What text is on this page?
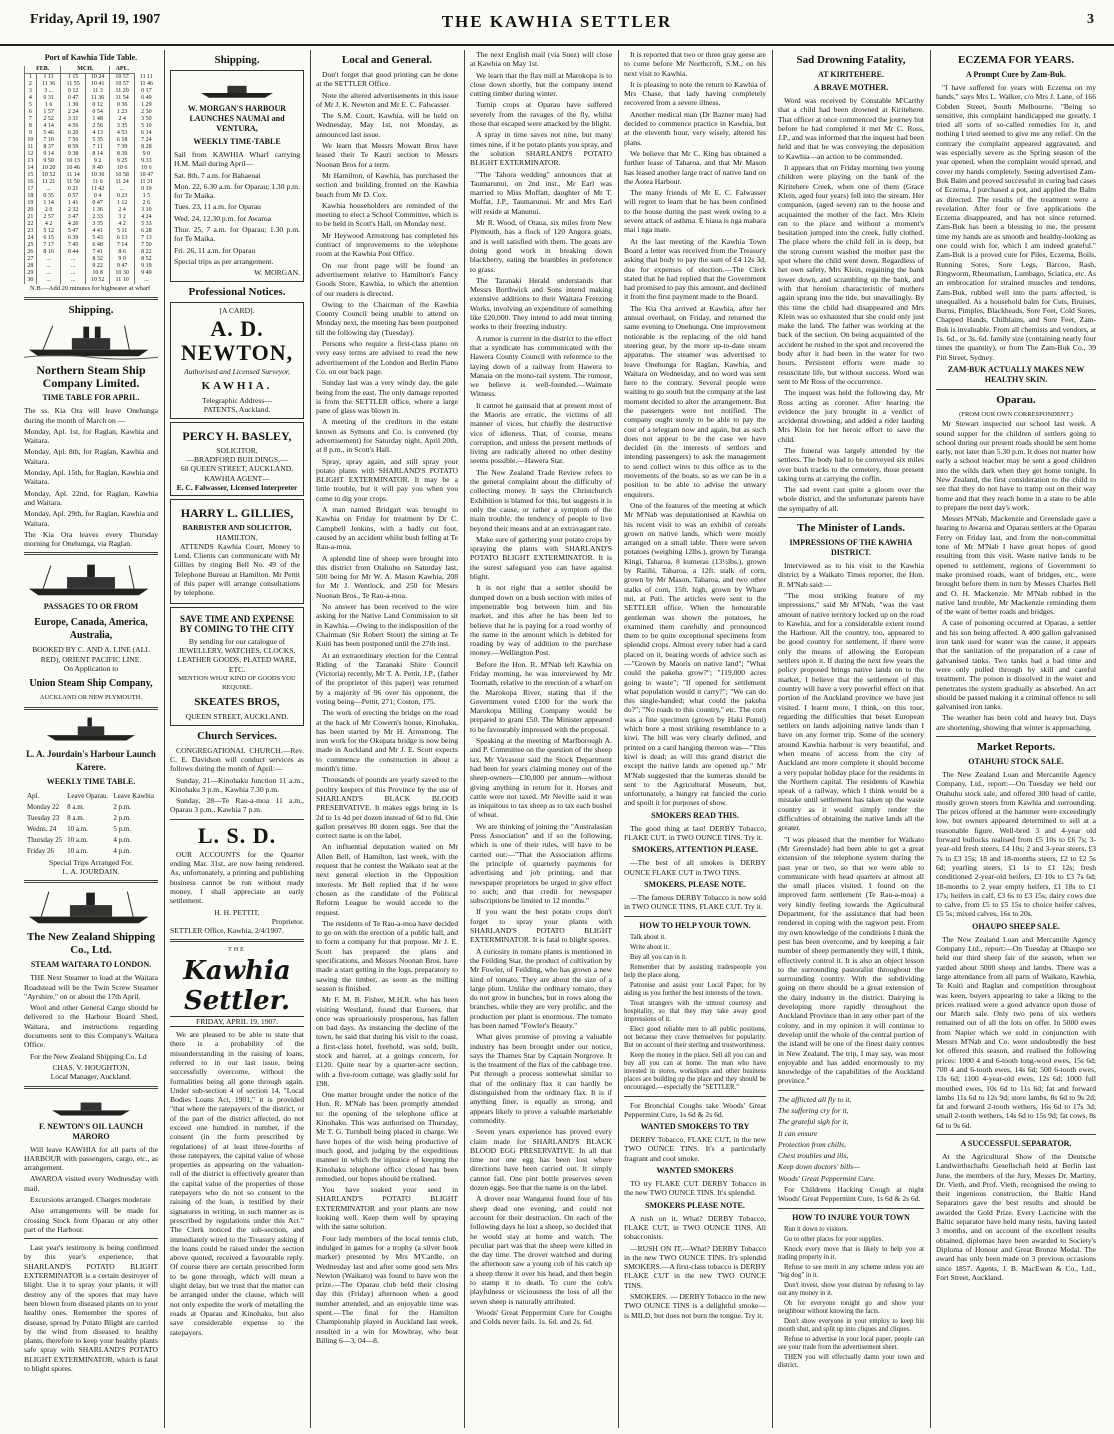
Friday, April 19, 1907	THE KAWHIA SETTLER	3
Port of Kawhia Tide Table.
FEB.		MCH.		APL.	
1	1 11	1 15	10 24	10 57	11 11
2	11 36	11 55	10 41	10 57	11 46
3	3 ...	0 12	11 3	11 20	0 17
4	0 31	0 47	11 36	11 54	0 49
5	1 6	1 30	0 12	0 36	1 29
6	1 57	2 24	0 54	1 23	2 30
7	2 52	3 31	1 48	2 4	3 50
8	4 14	4 56	2 56	3 35	5 10
9	5 46	6 20	4 13	4 53	6 14
10	7 10	7 56	5 35	6 18	7 24
11	8 37	8 59	7 11	7 39	8 28
12	9 14	9 38	8 14	8 39	9 0
13	9 50	10 13	9 2	9 25	9 33
14	10 20	10 46	9 40	10 6	10 6
15	10 52	11 14	10 30	10 58	10 47
16	11 21	11 50	11 6	11 24	11 31
17	...	0 21	11 42	...	0 19
18	0 35	0 57	0 4	0 23	1 5
19	1 14	1 41	0 47	1 12	2 6
20	2 0	2 32	1 36	2 4	3 10
21	2 57	3 47	2 33	3 2	4 24
22	4 2	4 20	3 35	4 2	5 33
23	5 12	5 47	4 41	5 11	6 28
24	6 15	6 39	5 43	6 13	7 13
25	7 17	7 45	6 48	7 14	7 50
26	8 16	8 44	7 41	8 6	8 22
27	...	...	8 32	9 0	8 52
28	...	...	9 22	9 47	9 19
29	...	...	10 8	10 30	9 49
30	...	...	10 52	11 10	...

N.B.—Add 20 minutes for highwater at wharf

Shipping.
Northern Steam Ship Company Limited.
TIME TABLE FOR APRIL.

The ss. Kia Ora will leave Onehunga during the month of March on —

Monday, Apl. 1st, for Raglan, Kawhia and Waitara.

Monday, Apl. 8th, for Raglan, Kawhia and Waitara.

Monday, Apl. 15th, for Raglan, Kawhia and Waitara.

Monday, Apl. 22nd, for Raglan, Kawhia and Waitara.

Monday, Apl. 29th, for Raglan, Kawhia and Waitara.

The Kia Ora leaves every Thursday morning for Onehunga, via Raglan.

PASSAGES TO OR FROM
Europe, Canada, America, Australia,
BOOKED BY C. AND A. LINE (ALL RED), ORIENT PACIFIC LINE.
On Application to
Union Steam Ship Company,
AUCKLAND OR NEW PLYMOUTH.
L. A. Jourdain's Harbour Launch Karere.
WEEKLY TIME TABLE.
Apl.	Leave Oparau.	Leave Kawhia
Monday 22	8 a.m.	2 p.m.
Tuesday 23	8 a.m.	2 p.m.
Wedns. 24	10 a.m.	5 p.m.
Thursday 25	10 a.m.	4 p.m.
Friday 26	10 a.m.	4 p.m.
Special Trips Arranged For.
L. A. JOURDAIN.
The New Zealand Shipping Co., Ltd.
STEAM WAITARA TO LONDON.

THE Next Steamer to load at the Waitara Roadstead will be the Twin Screw Steamer "Ayrshire," on or about the 17th April.

Wool and other General Cargo should be delivered to the Harbour Board Shed, Waitara, and instructions regarding documents sent to this Company's Waitara Office.

For the New Zealand Shipping Co. Ld

CHAS. V. HOUGHTON,
Local Manager, Auckland.
F. NEWTON'S OIL LAUNCH MARORO

Will leave KAWHIA for all parts of the HARBOUR with passengers, cargo, etc., as arrangement.

AWAROA visited every Wednesday with mail.

Excursions arranged. Charges moderate

Also arrangements will be made for crossing Stock from Oparau or any other part of the Harbour.

Last year's testimony is being confirmed by this year's experience, that SHARLAND'S POTATO BLIGHT EXTERMINATOR is a certain destroyer of blight. Use it to spray your plants, it will destroy any of the spores that may have been blown from diseased plants on to your healthy ones. Remember the spores of disease, spread by Potato Blight are carried by the wind from diseased to healthy plants, therefore to keep your healthy plants safe spray with SHARLAND'S POTATO BLIGHT EXTERMINATOR, which is fatal to blight spores.

Shipping.
W. MORGAN'S HARBOUR LAUNCHES NAUMAI and VENTURA,
WEEKLY TIME-TABLE

Sail from KAWHIA Wharf carrying H.M. Mail during April—

Sat. 8th, 7 a.m. for Bahaeuai

Mon. 22, 6.30 a.m. for Oparau; 1.30 p.m. for Te Maika.

Tues. 23, 11 a.m. for Oparau

Wed. 24, 12.30 p.m. for Awaroa

Thur. 25, 7 a.m. for Oparau; 1.30 p.m. for Te Maika.

Fri. 26, 11 a.m. for Oparau

Special trips as per arrangement.

W. MORGAN.
Professional Notices.
[A CARD].
A. D. NEWTON,
Authorised and Licensed Surveyor,
KAWHIA.
Telegraphic Address—
PATENTS, Auckland.
PERCY H. BASLEY,
SOLICITOR,
—BRADFORD BUILDINGS,—
68 QUEEN STREET, AUCKLAND.
KAWHIA AGENT—
E. C. Falwasser, Licensed Interpreter
HARRY L. GILLIES,
BARRISTER AND SOLICITOR,
HAMILTON,

ATTENDS Kawhia Court, Money to Lend. Clients can communicate with Mr Gillies by ringing Bell No. 49 of the Telephone Bureau at Hamilton. Mr Pettit of this paper will arrange consultations by telephone.

SAVE TIME AND EXPENSE BY COMING TO THE CITY
By sending for our catalogue of JEWELLERY, WATCHES, CLOCKS, LEATHER GOODS, PLATED WARE, ETC.
MENTION WHAT KIND OF GOODS YOU REQUIRE.
SKEATES BROS,
QUEEN STREET, AUCKLAND.
Church Services.

CONGREGATIONAL CHURCH.—Rev. C. E. Davidson will conduct services as follows during the month of April:—

Sunday, 21—Kinohaku Junction 11 a.m., Kinohaku 3 p.m., Kawhia 7.30 p.m.

Sunday, 28—Te Rau-a-moa 11 a.m., Oparau 3 p.m., Kawhia 7 p.m.

L. S. D.

OUR ACCOUNTS for the Quarter ending Mar. 31st, are now being rendered. As, unfortunately, a printing and publishing business cannot be run without ready money, I shall appreciate an early settlement.

H. H. PETTIT,
Proprietor.
SETTLER Office, Kawhia, 2/4/1907.
THE
Kawhia Settler.
FRIDAY, APRIL 19, 1907.

We are pleased to be able to state that there is a probability of the misunderstanding in the raising of loans, referred to in our last issue, being successfully overcome, without the formalities being all gone through again. Under sub-section 4 of section 14, "Local Bodies Loans Act, 1901," it is provided "that where the ratepayers of the district, or of the part of the district affected, do not exceed one hundred in number, if the consent (in the form prescribed by regulations) of at least three-fourths of those ratepayers, the capital value of whose properties as appearing on the valuation-roll of the district is effectively greater than the capital value of the properties of those ratepayers who do not so consent to the raising of the loan, is testified by their signatures in writing, in such manner as is prescribed by regulations under this Act." The Clerk noticed the sub-section, and immediately wired to the Treasury asking if the loans could be raised under the section above quoted, received a favourable reply. Of course there are certain prescribed form to be gone through, which will mean a slight delay, but we trust that the matter can be arranged under the clause, which will not only expedite the work of metalling the roads at Oparau and Kinohaku, but also save considerable expense to the ratepayers.

Local and General.

Don't forget that good printing can be done at the SETTLER Office.

Note the altered advertisements in this issue of Mr J. K. Newton and Mr E. C. Falwasser.

The S.M. Court, Kawhia, will be held on Wednesday, May 1st, not Monday, as announced last issue.

We learn that Messrs Mowatt Bros have leased their Te Kauri section to Messrs Noonan Bros for a term.

Mr Hamilton, of Kawhia, has purchased the section and building fronted on the Kawhia beach from Mr D. Cox.

Kawhia householders are reminded of the meeting to elect a School Committee, which is to be held in Scott's Hall, on Monday next.

Mr Heywood Armstrong has completed his contract of improvements to the telephone room at the Kawhia Post Office.

On our front page will be found an advertisement relative to Hamilton's Fancy Goods Store, Kawhia, to which the attention of our readers is directed.

Owing to the Chairman of the Kawhia County Council being unable to attend on Monday next, the meeting has been postponed till the following day (Tuesday).

Persons who require a first-class piano on very easy terms are advised to read the new advertisement of the London and Berlin Piano Co. on our back page.

Sunday last was a very windy day, the gale being from the east. The only damage reported is from the SETTLER office, where a large pane of glass was blown in.

A meeting of the creditors in the estate known as Symons and Co. is convened (by advertisement) for Saturday night, April 20th, at 8 p.m., in Scott's Hall.

Spray, spray again, and still spray your potato plants with SHARLAND'S POTATO BLIGHT EXTERMINATOR. It may be a little trouble, but it will pay you when you come to dig your crops.

A man named Bridgart was brought to Kawhia on Friday for treatment by Dr C. Campbell Jenkins, with a badly cut foot, caused by an accident whilst bush felling at Te Rau-a-moa.

A splendid line of sheep were brought into this district from Otahuhu on Saturday last, 500 being for Mr W. A. Mason Kawhia, 208 for Mr J. Wentlock, and 250 for Messrs Noonan Bros., Te Rau-a-moa.

No answer has been received to the wire asking for the Native Land Commission to sit in Kawhia.—Owing to the indisposition of the Chairman (Sir Robert Stout) the sitting at Te Kuiti has been postponed until the 27th inst.

At an extraordinary election for the Central Riding of the Taranaki Shire Council (Victoria) recently, Mr T. A. Pettit, J.P., (father of the proprietor of this paper) was returned by a majority of 96 over his opponent, the voting being—Pettit, 271; Coston, 175.

The work of erecting the bridge on the road at the back of Mr Cowern's house, Kinohaku, has been started by Mr H. Armstrong. The iron work for the Okupata bridge is now being made in Auckland and Mr J. E. Scott expects to commence the construction in about a month's time.

Thousands of pounds are yearly saved to the poultry keepers of this Province by the use of SHARLAND'S BLACK BLOOD PRESERVATIVE. It makes eggs bring in 1s 2d to 1s 4d per dozen instead of 6d to 8d. One gallon preserves 80 dozen eggs. See that the correct name is on the label.

An influential deputation waited on Mr Allen Bell, of Hamilton, last week, with the request that he contest the Waikato seat at the next general election in the Opposition interests. Mr Bell replied that if he were chosen as the candidate of the Political Reform League he would accede to the request.

The residents of Te Rau-a-moa have decided to go on with the erection of a public hall, and to form a company for that purpose. Mr J. E. Scott has prepared the plans and specifications, and Messrs Noonan Bros. have made a start getting in the logs, preparatory to sawing the timber, as soon as the milling season is finished.

Mr F. M. B. Fisher, M.H.R. who has been visiting Westland, found that Euroers, that once was uproariously prosperous, has fallen on bad days. As instancing the decline of the town, he said that during his visit to the coast, a first-class hotel, freehold, was sold, built, stock and barrel, at a goings concern, for £120. Quite near by a quarter-acre section, with a five-room cottage, was gladly sold for £98.

One matter brought under the notice of the Hon. R. M'Nab has been promptly attended to: the opening of the telephone office at Kinohaku. This was authorised on Thursday, Mr T. G. Turnbull being placed in charge. We have hopes of the wish being productive of much good, and judging by the expeditious manner in which the injustice of keeping the Kinohaku telephone office closed has been remedied, our hopes should be realised.

You have soaked your seed in SHARLAND'S POTATO BLIGHT EXTERMINATOR and your plants are now looking well. Keep them well by spraying with the same solution.

Four lady members of the local tennis club, indulged in games for a trophy (a silver book marker) presented by Mrs M'Cardle, on Wednesday last and after some good sets Mrs Newton (Waikato) was found to have won the prize.—The Oparau club held their closing day this (Friday) afternoon when a good number attended, and an enjoyable time was spent.—The final for the Hamilton Championship played in Auckland last week, resulted in a win for Mowbray, who beat Billing 6—3, 04—8.

The next English mail (via Suez) will close at Kawhia on May 1st.

We learn that the flax mill at Marokopa is to close down shortly, but the company intend cutting timber during winter.

Turnip crops at Oparau have suffered severely from the ravages of the fly, whilst those that escaped were attacked by the blight.

A spray in time saves not nine, but many times nine, if it be potato plants you spray, and the solution SHARLAND'S POTATO BLIGHT EXTERMINATOR.

"The Tahora wedding" announces that at Taumarunui, on 2nd inst., Mr Earl was married to Miss Moffatt, daughter of Mr T. Moffat, J.P., Taumarunui. Mr and Mrs Earl will reside at Manunui.

Mr R. Wood, of Otaua, six miles from New Plymouth, has a flock of 120 Angora goats, and is well satisfied with them. The goats are doing good work in breaking down blackberry, eating the brambles in preference to grass.

The Taranaki Herald understands that Messrs Borthwick and Sons intend making extensive additions to their Waitara Freezing Works, involving an expenditure of something like £20,000. They intend to add meat tinning works to their freezing industry.

A rumor is current in the district to the effect that a syndicate has communicated with the Hawera County Council with reference to the laying down of a railway from Hawera to Manaia on the mono-rail system. The rumour, we believe is well-founded.—Waimate Witness.

It cannot be gainsaid that at present most of the Maoris are erratic, the victims of all manner of vices, but chiefly the destructive vice of idleness. That, of course, means corruption, and unless the present methods of living are radically altered no other destiny seems possible.—Hawera Star.

The New Zealand Trade Review refers to the general complaint about the difficulty of collecting money. It says the Christchurch Exhibition is blamed for this, but suggests it is only the cause, or rather a symptom of the main trouble, the tendency of people to live beyond their means and at an extravagant rate.

Make sure of gathering your potato crops by spraying the plants with SHARLAND'S POTATO BLIGHT EXTERMINATOR. It is the surest safeguard you can have against blight.

It is not right that a settler should be dumped down on a bush section with miles of impenetrable bog between him and his market, and this after he has been led to believe that he is paying for a road worthy of the name in the amount which is debited for roading by way of addition to the purchase money.—Wellington Post.

Before the Hon. R. M'Nab left Kawhia on Friday morning, he was interviewed by Mr Toomath, relative to the erection of a wharf on the Marokopa River, stating that if the Government voted £100 for the work the Marokopa Milling Company would be prepared to grant £50. The Minister appeared to be favourably impressed with the proposal.

Speaking at the meeting of Marlborough A. and P. Committee on the question of the sheep tax, Mr Vavasour said the Stock Department had been for years claiming money out of the sheep-owners—£30,000 per annum—without giving anything in return for it. Horses and cattle were not taxed. Mr Neville said it was as iniquitous to tax sheep as to tax each bushel of wheat.

We are thinking of joining the "Australasian Press Association" and if so the following, which is one of their rules, will have to be carried out:—"That the Association affirms the principle of quarterly payments for advertising and job printing, and that newspaper proprietors be urged to give effect to such; and that credit for newspaper subscriptions be limited to 12 months."

If you want the best potato crops don't forget to spray your plants with SHARLAND'S POTATO BLIGHT EXTERMINATOR. It is fatal to blight spores.

A curiosity in tomato plants is mentioned in the Feilding Star, the product of cultivation by Mr Fowler, of Feilding, who has grown a new kind of tomato. They are about the size of a large plum. Unlike the ordinary tomato, they do not grow in bunches, but in rows along the branches, while they are very prolific, and the production per plant is enormous. The tomato has been named "Fowler's Beauty."

What gives promise of proving a valuable industry has been brought under our notice, says the Thames Star by Captain Norgrove. It is the treatment of the flax of the cabbage tree. Put through a process somewhat similar to that of the ordinary flax it can hardly be distinguished from the ordinary flax. It is if anything finer, is equally as strong, and appears likely to prove a valuable marketable commodity.

Seven years experience has proved every claim made for SHARLAND'S BLACK BLOOD EGG PRESERVATIVE. In all that time not one egg has been lost where directions have been carried out. It simply cannot fail. One pint bottle preserves seven dozen eggs. See that the name is on the label.

A drover near Wanganui found four of his sheep dead one evening, and could not account for their destruction. On each of the following days he lost a sheep, so decided that he would stay at home and watch. The peculiar part was that the sheep were killed in the day time. The drover watched and during the afternoon saw a young cob of his catch up a sheep throw it over his head, and then begin to stamp it to death. To cure the cob's playfulness or viciousness the loss of all the seven sheep is naturally attributed.

Woods' Great Peppermint Cure for Coughs and Colds never fails. 1s. 6d. and 2s. 6d.

It is reported that two or three gray geese are to come before Mr Northcroft, S.M., on his next visit to Kawhia.

It is pleasing to note the return to Kawhia of Mrs Chase, that lady having completely recovered from a severe illness.

Another medical man (Dr Bazner man) had decided to commence practice in Kawhia, but at the eleventh hour, very wisely, altered his plans.

We believe that Mr C. King has obtained a further lease of Taharoa, and that Mr Mason has leased another large tract of native land on the Aotea Harbour.

The many friends of Mr E. C. Falwasser will regret to learn that he has been confined to the house during the past week owing to a severe attack of asthma. E hiaua is nga mahara mai i nga mate.

At the last meeting of the Kawhia Town Board a letter was received from the Treasury asking that body to pay the sum of £4 12s 3d, due for expenses of election.—The Clerk stated that he had replied that the Government had promised to pay this amount, and declined it from the first payment made to the Board.

The Kia Ora arrived at Kawhia, after her annual overhaul, on Friday, and returned the same evening to Onehunga. One improvement noticeable is the replacing of the old hand steering gear, by the more up-to-date steam apparatus. The steamer was advertised to leave Onehunga for Raglan, Kawhia, and Waitara on Wednesday, and no word was sent here to the contrary. Several people were waiting to go south but the company at the last moment decided to alter the arrangement. But the passengers were not notified. The company ought surely to be able to pay the cost of a telegram now and again, but as such does not appear to be the case we have decided (in the interests of settlors and intending passengers) to ask the management to send collect wires to this office as to the movements of the boats, so as we can be in a position to be able to advise the unwary enquirers.

One of the features of the meeting at which Mr M'Nab was deputationised at Kawhia on his recent visit to was an exhibit of cereals grown on native lands, which were mostly arranged on a small table. There were seven potatoes (weighing 12lbs.), grown by Turanga Kingi, Taharoa, 8 kumeras (13½lbs.), grown by Raiihi, Taharoa, a 12ft. stalk of corn, grown by Mr Mason, Taharoa, and two other stalks of corn, 15ft. high, grown by Whare nui, at Puti. The articles were sent to the SETTLER office. When the honourable gentleman was shown the potatoes, he examined them carefully and pronounced them to be quite exceptional specimens from splendid crops. Almost every tuber had a card placed on it, bearing words of advice such as—"Grown by Maoris on native land"; "What could the pakeha grow?"; "119,000 acres going to waste"; "If opened for settlement what population would it carry?"; "We can do this single-handed; what could the pakeha do?"; "No roads to this country," etc. The corn was a fine specimen (grown by Haki Ponui) which bore a most striking resemblance to a kiwi. The bill was very clearly defined, and printed on a card hanging thereon was—"This kiwi is dead; as will this grand district die except the native lands are opened up." Mr M'Nab suggested that the kumeras should be sent to the Agricultural Museum, but, unfortunately, a hungry rat fancied the curio and spoilt it for purposes of show.

SMOKERS READ THIS.

The good thing at last! DERBY Tobacco, FLAKE CUT, in TWO OUNCE TINS. Try it.

SMOKERS, ATTENTION PLEASE.

—The best of all smokes is DERBY OUNCE FLAKE CUT in TWO TINS.

SMOKERS, PLEASE NOTE.

—The famous DERBY Tobacco is now sold in TWO OUNCE TINS, FLAKE CUT. Try it.

HOW TO HELP YOUR TOWN.

Talk about it.

Write about it.

Buy all you can in it.

Remember that by assisting tradespeople you help the place along.

Patronise and assist your Local Paper, for by aiding us you further the best interests of the town.

Treat strangers with the utmost courtesy and hospitality, so that they may take away good impressions of it.

Elect good reliable men to all public positions, not because they crave themselves for popularity. But on account of their sterling and trustworthiness.

Keep the money in the place. Sell all you can and buy all you can at home. The man who have invested in stores, workshops and other business places are building up the place and they should be encouraged.—especially the "SETTLER."

For Bronchial Coughs take Woods' Great Peppermint Cure, 1s 6d & 2s 6d.

WANTED SMOKERS TO TRY

DERBY Tobacco, FLAKE CUT, in the new TWO OUNCE TINS. It's a particularly fragrant and cool smoke.

WANTED SMOKERS

TO try FLAKE CUT DERBY Tobacco in the new TWO OUNCE TINS. It's splendid.

SMOKERS PLEASE NOTE.

A rush on it. What? DERBY Tobacco, FLAKE CUT, in TWO OUNCE TINS. All tobacconists.

—RUSH ON IT.—What? DERBY Tobacco in the new TWO OUNCE TINS. It's splendid SMOKERS.—A first-class tobacco is DERBY FLAKE CUT in the new TWO OUNCE TINS.

SMOKERS. — DERBY Tobacco in the new TWO OUNCE TINS is a delightful smoke—is MILD, but does not burn the tongue. Try it.

Sad Drowning Fatality,
AT KIRITEHERE.
A BRAVE MOTHER.

Word was received by Constable M'Carthy that a child had been drowned at Kiritehere. That officer at once commenced the journey but before he had completed it met Mr C. Ross, J.P., and was informed that the inquest had been held and that he was conveying the deposition to Kawhia—an action to be commended.

It appears that on Friday morning two young children were playing on the bank of the Kiritehere Creek, when one of them (Grace Klein, aged four years) fell into the stream. Her companion, (aged seven) ran to the house and acquainted the mother of the fact. Mrs Klein ran to the place and without a moment's hesitation jumped into the creek, fully clothed. The place where the child fell in is deep, but the strong current washed the mother past the spot where the child went down. Regardless of her own safety, Mrs Klein, regaining the bank lower down, and scrambling up the bank, and with that heroism characteristic of mothers again sprang into the tide, but unavailingly. By this time the child had disappeared and Mrs Klein was so exhausted that she could only just make the land. The father was working at the back of the section. On being acquainted of the accident he rushed to the spot and recovered the body after it had been in the water for two hours. Persistent efforts were made to resuscitate life, but without success. Word was sent to Mr Ross of the occurrence.

The inquest was held the following day, Mr Ross acting as coroner. After hearing the evidence the jury brought in a verdict of accidental drowning, and added a rider lauding Mrs Klein for her heroic effort to save the child.

The funeral was largely attended by the settlers. The body had to be conveyed six miles over bush tracks to the cemetery, those present taking turns at carrying the coffin.

The sad event cast quite a gloom over the whole district, and the unfortunate parents have the sympathy of all.

The Minister of Lands.
IMPRESSIONS OF THE KAWHIA DISTRICT.

Interviewed as to his visit to the Kawhia district by a Waikato Times reporter, the Hon. R. M'Nab said:—

"The most striking feature of my impressions," said Mr M'Nab, "was the vast amount of native territory locked up on the road to Kawhia, and for a considerable extent round the Harbour. All the country, too, appeared to be good country for settlement, if there were only the means of allowing the European settlers upon it. If during the next few years the policy proposed brings native lands on to the market, I believe that the settlement of this country will have a very powerful effect on that portion of the Auckland province we have just visited. I learnt more, I think, on this tour, regarding the difficulties that beset European settlers on lands adjoining native lands than I have on any former trip. Some of the scenery around Kawhia harbour is very beautiful, and when means of access from the city of Auckland are more complete it should become a very popular holiday place for the residents in the Northern capital. The residents of Kawhia speak of a railway, which I think would be a mistake until settlement has taken up the waste country as it would simply render the difficulties of obtaining the native lands all the greater.

"I was pleased that the member for Waikato (Mr Greenslade) had been able to get a great extension of the telephone system during the past year or two, so that we were able to communicate with head quarters at almost all the small places visited. I found on the improved farm settlement (Te Rau-a-moa) a very kindly feeling towards the Agricultural Department, for the assistance that had been rendered in coping with the ragwort pest. From my own knowledge of the conditions I think the pest has been overcome, and by keeping a fair number of sheep permanently they will, I think, effectively control it. It is also an object lesson to the surrounding pastoralist throughout the surrounding country. With the subdividing going on there should be a great extension of the dairy industry in the district. Dairying is developing more rapidly throughout the Auckland Province than in any other part of the colony, and in my opinion it will continue to develop until the whole of the central portion of the island will be one of the finest dairy centres in New Zealand. The trip, I may say, was most enjoyable and has added enormously to my knowledge of the capabilities of the Auckland province."

The afflicted all fly to it,

The suffering cry for it,

The grateful sigh for it,

It can ensure

Protection from chills,

Chest troubles and ills,

Keep down doctors' bills—

Woods' Great Peppermint Cure.

For Childrens Hacking Cough at night Woods' Great Peppermint Cure, 1s 6d & 2s 6d.

HOW TO INJURE YOUR TOWN

Run it down to visitors.

Go to other places for your supplies.

Knock every move that is likely to help you at trading property in it.

Refuse to see merit in any scheme unless you are "big dog" in it.

Don't invest, show your distrust by refusing to lay out any money in it.

Oh for everyone tonight go and show your neighbour without knowing the facts.

Don't show everyone in your employ to keep his mouth shut, and split up into cliques and cliques.

Refuse to advertise in your local paper, people can see your trade from the advertisement sheet.

THEN you will effectually damn your town and district.

ECZEMA FOR YEARS.
A Prompt Cure by Zam-Buk.

"I have suffered for years with Eczema on my hands," says Mrs L. Walker, c/o Mrs J. Lane, of 166 Cobden Street, South Melbourne. "Being so sensitive, this complaint handicapped me greatly. I tried all sorts of so-called remedies for it, and nothing I tried seemed to give me any relief. On the contrary the complaint appeared aggravated, and was especially severe as the Spring season of the year opened, when the complaint would spread, and cover my hands completely. Seeing advertised Zam-Buk Balm and proved successful in curing bad cases of Eczema, I purchased a pot, and applied the Balm as directed. The results of the treatment were a revelation. After four or five applications the Eczema disappeared, and has not since returned. Zam-Buk has been a blessing to me, the present time my hands are as smooth and healthy-looking as one could wish for, which I am indeed grateful." Zam-Buk is a proved cure for Piles, Eczema, Boils, Running Sores, Sore Legs, Barcoo, Rash, Ringworm, Rheumatism, Lumbago, Sciatica, etc. As an embrocation for strained muscles and tendons, Zam-Buk, rubbed well into the parts affected, is unequalled. As a household balm for Cuts, Bruises, Burns, Pimples, Blackheads, Sore Feet, Cold Sores, Chapped Hands, Chilblains, and Sore Feet, Zam-Buk is invaluable. From all chemists and vendors, at 1s. 6d., or 3s. 6d. family size (containing nearly four times the quantity), or from The Zam-Buk Co., 39 Pitt Street, Sydney.

ZAM-BUK ACTUALLY MAKES NEW HEALTHY SKIN.
Oparau.
(FROM OUR OWN CORRESPONDENT.)

Mr Stewart inspected our school last week. A sound supper for the children of settlers going to school during our present roads should be sent home early, not later than 5.30 p.m. It does not matter how early a school teacher may be sent a good children into the wilds dark when they get home tonight. In New Zealand, the first consideration to the child to see that they do not have to tramp out on their way home and that they reach home in a state to be able to prepare the next day's work.

Messrs M'Nab, Mackenzie and Greenslade gave a hearing to Awaroa and Oparau settlers at the Oparau Ferry on Friday last, and from the non-committal tone of Mr M'Nab I have great hopes of good resulting from this visit. Waste native lands to be opened to settlement, regions of Government to make promised roads, want of bridges, etc., were brought before them in turn by Messrs Charles Bell and O. H. Mackenzie. Mr M'Nab rubbed in the native land trouble, Mr Mackenzie reminding them of the want of better roads and bridges.

A case of poisoning occurred at Oparau, a settler and his son being affected. A 400 gallon galvanised iron tank used for water was the cause, it appears that the sanitation of the preparation of a case of galvanised tanks. Two tanks had a bad time and were only pulled through by skill and careful treatment. The poison is dissolved in the water and penetrates the system gradually as absorbed. An act should be passed making it a criminal offence to sell galvanised iron tanks.

The weather has been cold and heavy but. Days are shortening, showing that winter is approaching.

Market Reports.
OTAHUHU STOCK SALE.

The New Zealand Loan and Mercantile Agency Company, Ltd., report:—On Tuesday we held our Otahuhu stock sale, and offered 300 head of cattle, mostly grown steers from Kawhia and surrounding. The prices offered at the hammer were exceedingly low, but owners appeared determined to sell at a reasonable figure. Well-bred 3 and 4-year old forward bullocks realised from £5 10s to £6 7s; 3-year-old fresh steers, £4 10s; 2 and 3-year steers, £3 7s to £3 15s; 18 and 18-months steers, £2 to £2 5s 6d; yearling steers, £1 1s to £1 12s; fresh conditioned 2-year-old heifers, £3 10s to £3 7s 6d; 18-months to 2 year empty heifers, £1 18s to £1 17s; heifers in calf, £3 6s to £3 15s; dairy cows due to calve, from £5 to £5 15s to choice heifer calves, £5 5s; mixed calves, 16s to 20s.

OHAUPO SHEEP SALE.

The New Zealand Loan and Mercantile Agency Company Ltd., report:—On Tuesday at Ohaupo we held our third sheep fair of the season, when we yarded about 5000 sheep and lambs. There was a large attendance from all parts of Waikato, Kawhia, Te Kuiti and Raglan and competition throughout was keen, buyers appearing to take a liking to the prices realised were a good advance upon those of our March sale. Only two pens of six wethers remained out of all the lots on offer. In 5000 ewes from Napier which we sold in conjunction with Messrs M'Nab and Co. were undoubtedly the best lot offered this season, and realised the following prices: 1000 4 and 6-tooth long-wool ewes, 15s 6d; 700 4 and 6-tooth ewes, 14s 6d; 500 6-tooth ewes, 13s 6d; 1100 4-year-old ewes, 12s 6d; 1000 full mouthed ewes, 10s 6d to 11s 6d; fat and forward lambs 11s 6d to 12s 9d; store lambs, 8s 6d to 9s 2d; fat and forward 2-tooth wethers, 16s 6d to 17s 3d; small 2-tooth wethers, 14s 6d to 15s 9d; fat cows, 8s 6d to 9s 6d.

A SUCCESSFUL SEPARATOR.

At the Agricultural Show of the Deutsche Landwirthschafts Gesellschaft held at Berlin last June, the members of the Jury, Messrs Dr. Martiny, Dr. Vieth, and Prof. Vieth, recognised the owing to their ingenious construction, the Baltic Hand Separators gave the best results and should be awarded the Gold Prize. Every Lacticine with the Baltic separator have held many tests, having lasted 3 months, and on account of the excellent results obtained, diplomas have been awarded to Society's Diploma of Honour and Great Bronze Medal. The award has only been made on 3 previous occasions since 1857. Agents, J. B. MacEwan & Co., Ltd., Fort Street, Auckland.
